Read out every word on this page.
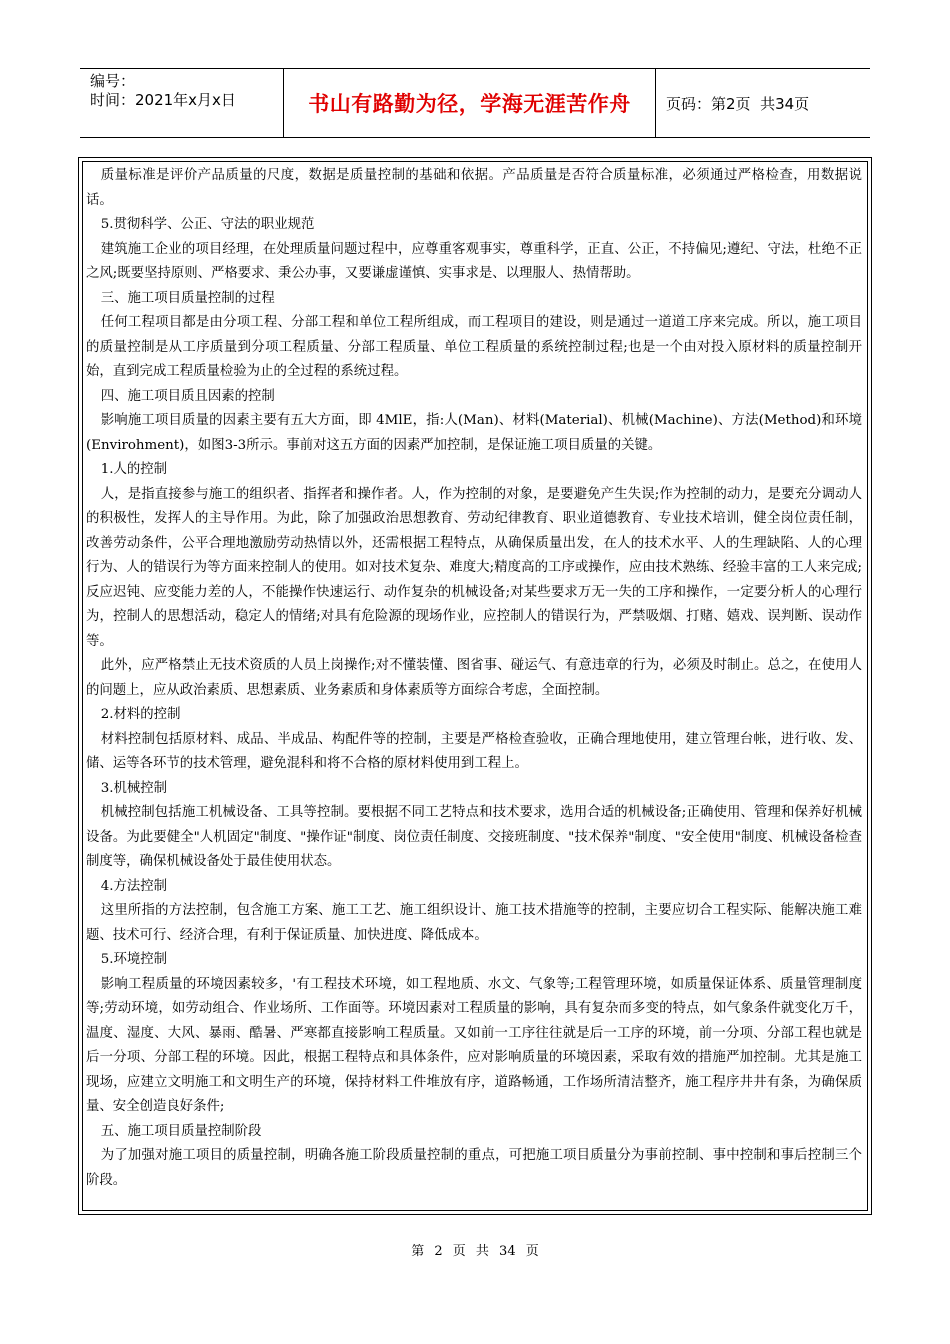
编号：
时间：2021年x月x日	书山有路勤为径，学海无涯苦作舟 页码：第2页  共34页

质量标准是评价产品质量的尺度，数据是质量控制的基础和依据。产品质量是否符合质量标准，必须通过严格检查，用数据说话。

5.贯彻科学、公正、守法的职业规范

建筑施工企业的项目经理，在处理质量问题过程中，应尊重客观事实，尊重科学，正直、公正，不持偏见;遵纪、守法，杜绝不正之风;既要坚持原则、严格要求、秉公办事，又要谦虚谨慎、实事求是、以理服人、热情帮助。

三、施工项目质量控制的过程

任何工程项目都是由分项工程、分部工程和单位工程所组成，而工程项目的建设，则是通过一道道工序来完成。所以，施工项目的质量控制是从工序质量到分项工程质量、分部工程质量、单位工程质量的系统控制过程;也是一个由对投入原材料的质量控制开始，直到完成工程质量检验为止的全过程的系统过程。

四、施工项目质且因素的控制

影响施工项目质量的因素主要有五大方面，即 4MlE，指:人(Man)、材料(Material)、机械(Machine)、方法(Method)和环境(Envirohment)，如图3-3所示。事前对这五方面的因素严加控制，是保证施工项目质量的关键。

1.人的控制

人，是指直接参与施工的组织者、指挥者和操作者。人，作为控制的对象，是要避免产生失误;作为控制的动力，是要充分调动人的积极性，发挥人的主导作用。为此，除了加强政治思想教育、劳动纪律教育、职业道德教育、专业技术培训，健全岗位责任制，改善劳动条件，公平合理地激励劳动热情以外，还需根据工程特点，从确保质量出发，在人的技术水平、人的生理缺陷、人的心理行为、人的错误行为等方面来控制人的使用。如对技术复杂、难度大;精度高的工序或操作，应由技术熟练、经验丰富的工人来完成;反应迟钝、应变能力差的人，不能操作快速运行、动作复杂的机械设备;对某些要求万无一失的工序和操作，一定要分析人的心理行为，控制人的思想活动，稳定人的情绪;对具有危险源的现场作业，应控制人的错误行为，严禁吸烟、打赌、嬉戏、误判断、误动作等。

此外，应严格禁止无技术资质的人员上岗操作;对不懂装懂、图省事、碰运气、有意违章的行为，必须及时制止。总之，在使用人的问题上，应从政治素质、思想素质、业务素质和身体素质等方面综合考虑，全面控制。

2.材料的控制

材料控制包括原材料、成品、半成品、构配件等的控制，主要是严格检查验收，正确合理地使用，建立管理台帐，进行收、发、储、运等各环节的技术管理，避免混科和将不合格的原材料使用到工程上。

3.机械控制

机械控制包括施工机械设备、工具等控制。要根据不同工艺特点和技术要求，选用合适的机械设备;正确使用、管理和保养好机械设备。为此要健全"人机固定"制度、"操作证"制度、岗位责任制度、交接班制度、"技术保养"制度、"安全使用"制度、机械设备检查制度等，确保机械设备处于最佳使用状态。

4.方法控制

这里所指的方法控制，包含施工方案、施工工艺、施工组织设计、施工技术措施等的控制，主要应切合工程实际、能解决施工难题、技术可行、经济合理，有利于保证质量、加快进度、降低成本。

5.环境控制

影响工程质量的环境因素较多，'有工程技术环境，如工程地质、水文、气象等;工程管理环境，如质量保证体系、质量管理制度等;劳动环境，如劳动组合、作业场所、工作面等。环境因素对工程质量的影响，具有复杂而多变的特点，如气象条件就变化万千，温度、湿度、大风、暴雨、酷暑、严寒都直接影响工程质量。又如前一工序往往就是后一工序的环境，前一分项、分部工程也就是后一分项、分部工程的环境。因此，根据工程特点和具体条件，应对影响质量的环境因素，采取有效的措施严加控制。尤其是施工现场，应建立文明施工和文明生产的环境，保持材料工件堆放有序，道路畅通，工作场所清洁整齐，施工程序井井有条，为确保质量、安全创造良好条件;

五、施工项目质量控制阶段

为了加强对施工项目的质量控制，明确各施工阶段质量控制的重点，可把施工项目质量分为事前控制、事中控制和事后控制三个阶段。

第 2 页 共 34 页
